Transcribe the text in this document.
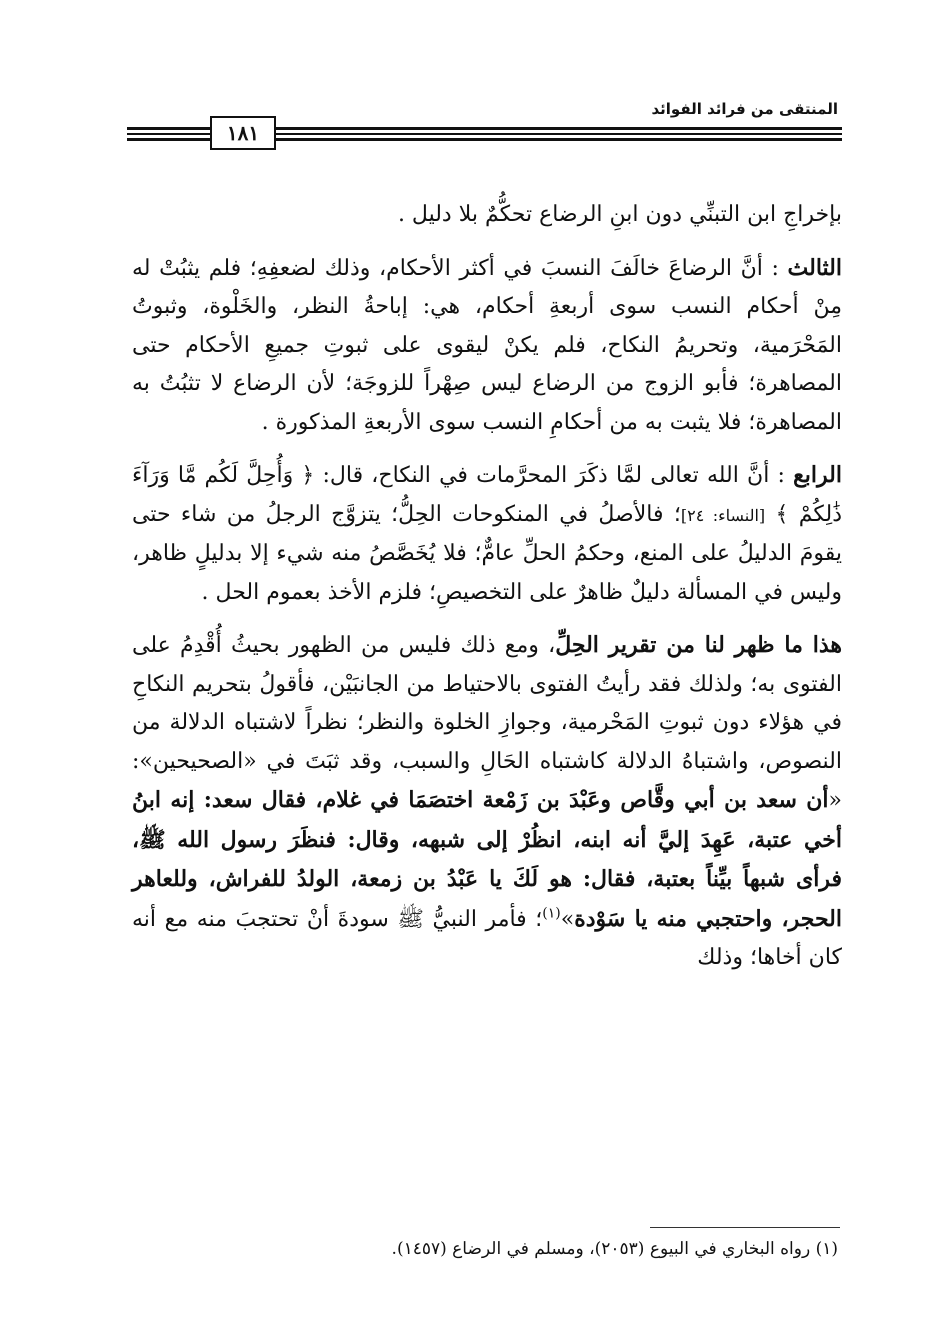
المنتقى من فرائد الفوائد
١٨١

بإخراجِ ابن التبنِّي دون ابنِ الرضاع تحكُّمٌ بلا دليل .

الثالث : أنَّ الرضاعَ خالَفَ النسبَ في أكثر الأحكام، وذلك لضعفِهِ؛ فلم يثبُتْ له مِنْ أحكام النسب سوى أربعةِ أحكام، هي: إباحةُ النظر، والخَلْوة، وثبوتُ المَحْرَمية، وتحريمُ النكاح، فلم يكنْ ليقوى على ثبوتِ جميعِ الأحكام حتى المصاهرة؛ فأبو الزوج من الرضاع ليس صِهْراً للزوجَة؛ لأن الرضاع لا تثبُتُ به المصاهرة؛ فلا يثبت به من أحكامِ النسب سوى الأربعةِ المذكورة .

الرابع : أنَّ الله تعالى لمَّا ذكَرَ المحرَّمات في النكاح، قال: ﴿ وَأُحِلَّ لَكُم مَّا وَرَآءَ ذَٰلِكُمْ ﴾ [النساء: ٢٤]؛ فالأصلُ في المنكوحات الحِلُّ؛ يتزوَّج الرجلُ من شاء حتى يقومَ الدليلُ على المنع، وحكمُ الحلِّ عامٌّ؛ فلا يُخَصَّصُ منه شيء إلا بدليلٍ ظاهر، وليس في المسألة دليلٌ ظاهرٌ على التخصيصِ؛ فلزم الأخذ بعموم الحل .

هذا ما ظهر لنا من تقرير الحِلِّ، ومع ذلك فليس من الظهور بحيثُ أُقْدِمُ على الفتوى به؛ ولذلك فقد رأيتُ الفتوى بالاحتياط من الجانبَيْن، فأقولُ بتحريم النكاحِ في هؤلاء دون ثبوتِ المَحْرمية، وجوازِ الخلوة والنظر؛ نظراً لاشتباه الدلالة من النصوص، واشتباهُ الدلالة كاشتباه الحَالِ والسبب، وقد ثبَتَ في «الصحيحين»: «أن سعد بن أبي وقَّاص وعَبْدَ بن زَمْعة اختصَمَا في غلام، فقال سعد: إنه ابنُ أخي عتبة، عَهِدَ إليَّ أنه ابنه، انظُرْ إلى شبهه، وقال: فنظَرَ رسول الله ﷺ، فرأى شبهاً بيِّناً بعتبة، فقال: هو لَكَ يا عَبْدُ بن زمعة، الولدُ للفراش، وللعاهر الحجر، واحتجبي منه يا سَوْدة»$^{(١)}$؛ فأمر النبيُّ ﷺ سودةَ أنْ تحتجبَ منه مع أنه كان أخاها؛ وذلك

(١) رواه البخاري في البيوع (٢٠٥٣)، ومسلم في الرضاع (١٤٥٧).
